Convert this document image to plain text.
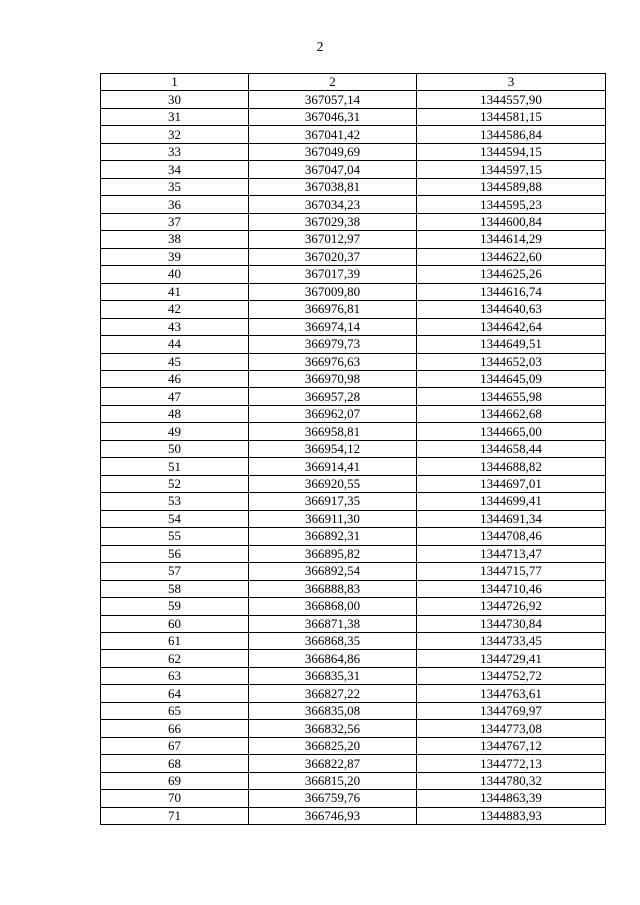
2
1	2	3
30	367057,14	1344557,90
31	367046,31	1344581,15
32	367041,42	1344586,84
33	367049,69	1344594,15
34	367047,04	1344597,15
35	367038,81	1344589,88
36	367034,23	1344595,23
37	367029,38	1344600,84
38	367012,97	1344614,29
39	367020,37	1344622,60
40	367017,39	1344625,26
41	367009,80	1344616,74
42	366976,81	1344640,63
43	366974,14	1344642,64
44	366979,73	1344649,51
45	366976,63	1344652,03
46	366970,98	1344645,09
47	366957,28	1344655,98
48	366962,07	1344662,68
49	366958,81	1344665,00
50	366954,12	1344658,44
51	366914,41	1344688,82
52	366920,55	1344697,01
53	366917,35	1344699,41
54	366911,30	1344691,34
55	366892,31	1344708,46
56	366895,82	1344713,47
57	366892,54	1344715,77
58	366888,83	1344710,46
59	366868,00	1344726,92
60	366871,38	1344730,84
61	366868,35	1344733,45
62	366864,86	1344729,41
63	366835,31	1344752,72
64	366827,22	1344763,61
65	366835,08	1344769,97
66	366832,56	1344773,08
67	366825,20	1344767,12
68	366822,87	1344772,13
69	366815,20	1344780,32
70	366759,76	1344863,39
71	366746,93	1344883,93
